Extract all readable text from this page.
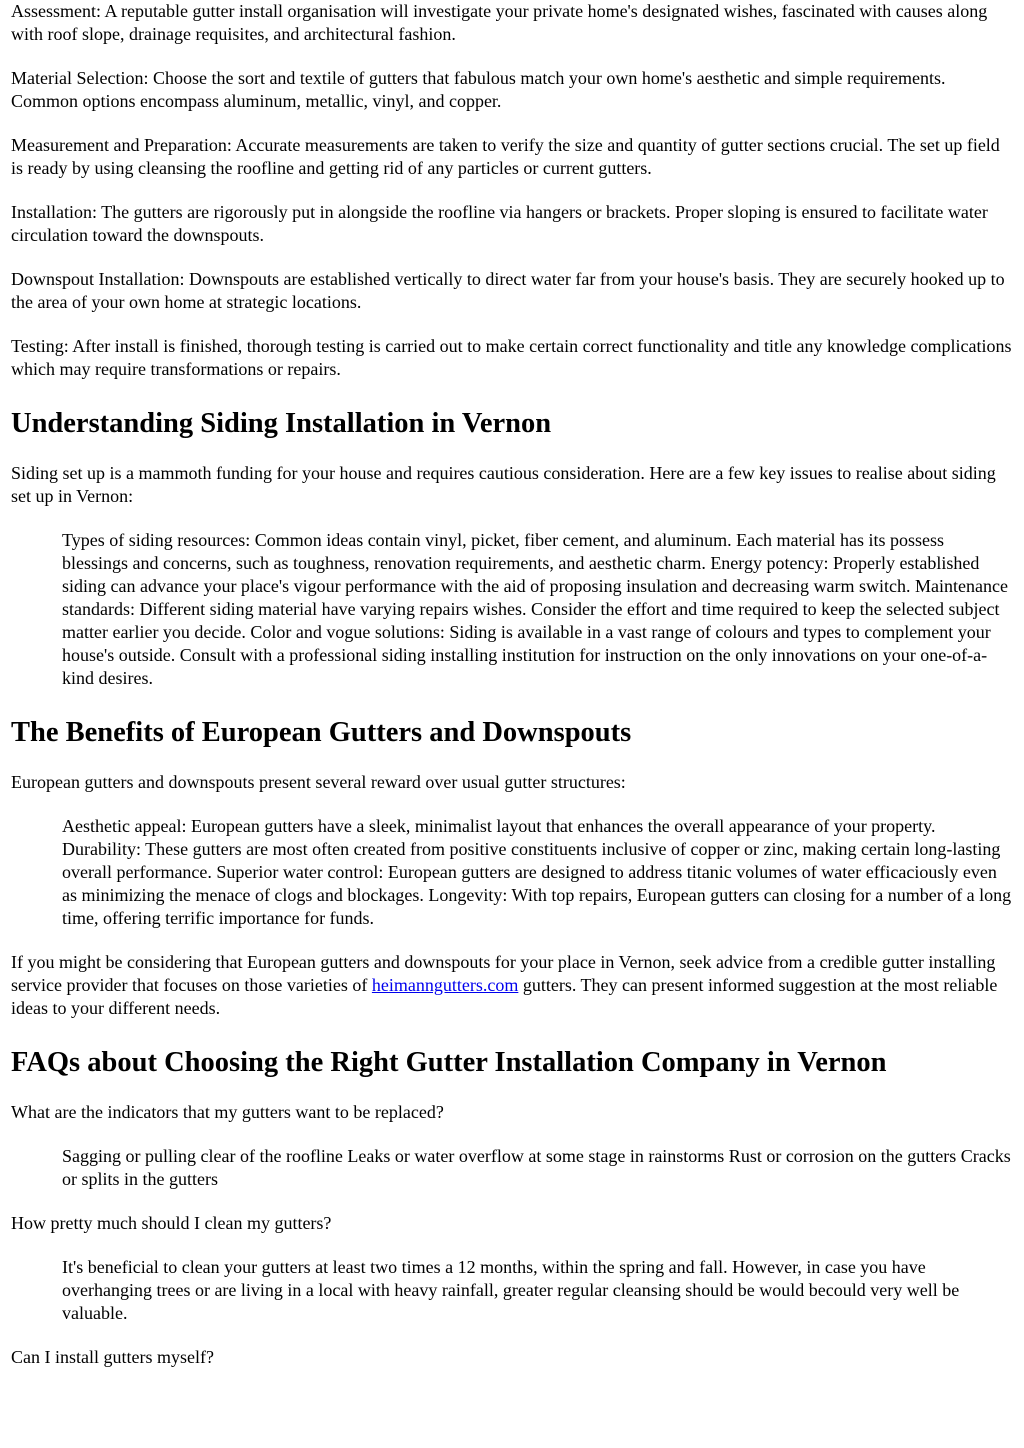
Assessment: A reputable gutter install organisation will investigate your private home's designated wishes, fascinated with causes along with roof slope, drainage requisites, and architectural fashion.

Material Selection: Choose the sort and textile of gutters that fabulous match your own home's aesthetic and simple requirements. Common options encompass aluminum, metallic, vinyl, and copper.

Measurement and Preparation: Accurate measurements are taken to verify the size and quantity of gutter sections crucial. The set up field is ready by using cleansing the roofline and getting rid of any particles or current gutters.

Installation: The gutters are rigorously put in alongside the roofline via hangers or brackets. Proper sloping is ensured to facilitate water circulation toward the downspouts.

Downspout Installation: Downspouts are established vertically to direct water far from your house's basis. They are securely hooked up to the area of your own home at strategic locations.

Testing: After install is finished, thorough testing is carried out to make certain correct functionality and title any knowledge complications which may require transformations or repairs.

Understanding Siding Installation in Vernon

Siding set up is a mammoth funding for your house and requires cautious consideration. Here are a few key issues to realise about siding set up in Vernon:

Types of siding resources: Common ideas contain vinyl, picket, fiber cement, and aluminum. Each material has its possess blessings and concerns, such as toughness, renovation requirements, and aesthetic charm. Energy potency: Properly established siding can advance your place's vigour performance with the aid of proposing insulation and decreasing warm switch. Maintenance standards: Different siding material have varying repairs wishes. Consider the effort and time required to keep the selected subject matter earlier you decide. Color and vogue solutions: Siding is available in a vast range of colours and types to complement your house's outside. Consult with a professional siding installing institution for instruction on the only innovations on your one-of-a-kind desires.
The Benefits of European Gutters and Downspouts

European gutters and downspouts present several reward over usual gutter structures:

Aesthetic appeal: European gutters have a sleek, minimalist layout that enhances the overall appearance of your property. Durability: These gutters are most often created from positive constituents inclusive of copper or zinc, making certain long-lasting overall performance. Superior water control: European gutters are designed to address titanic volumes of water efficaciously even as minimizing the menace of clogs and blockages. Longevity: With top repairs, European gutters can closing for a number of a long time, offering terrific importance for funds.

If you might be considering that European gutters and downspouts for your place in Vernon, seek advice from a credible gutter installing service provider that focuses on those varieties of heimanngutters.com gutters. They can present informed suggestion at the most reliable ideas to your different needs.

FAQs about Choosing the Right Gutter Installation Company in Vernon

What are the indicators that my gutters want to be replaced?

Sagging or pulling clear of the roofline Leaks or water overflow at some stage in rainstorms Rust or corrosion on the gutters Cracks or splits in the gutters

How pretty much should I clean my gutters?

It's beneficial to clean your gutters at least two times a 12 months, within the spring and fall. However, in case you have overhanging trees or are living in a local with heavy rainfall, greater regular cleansing should be would becould very well be valuable.

Can I install gutters myself?
